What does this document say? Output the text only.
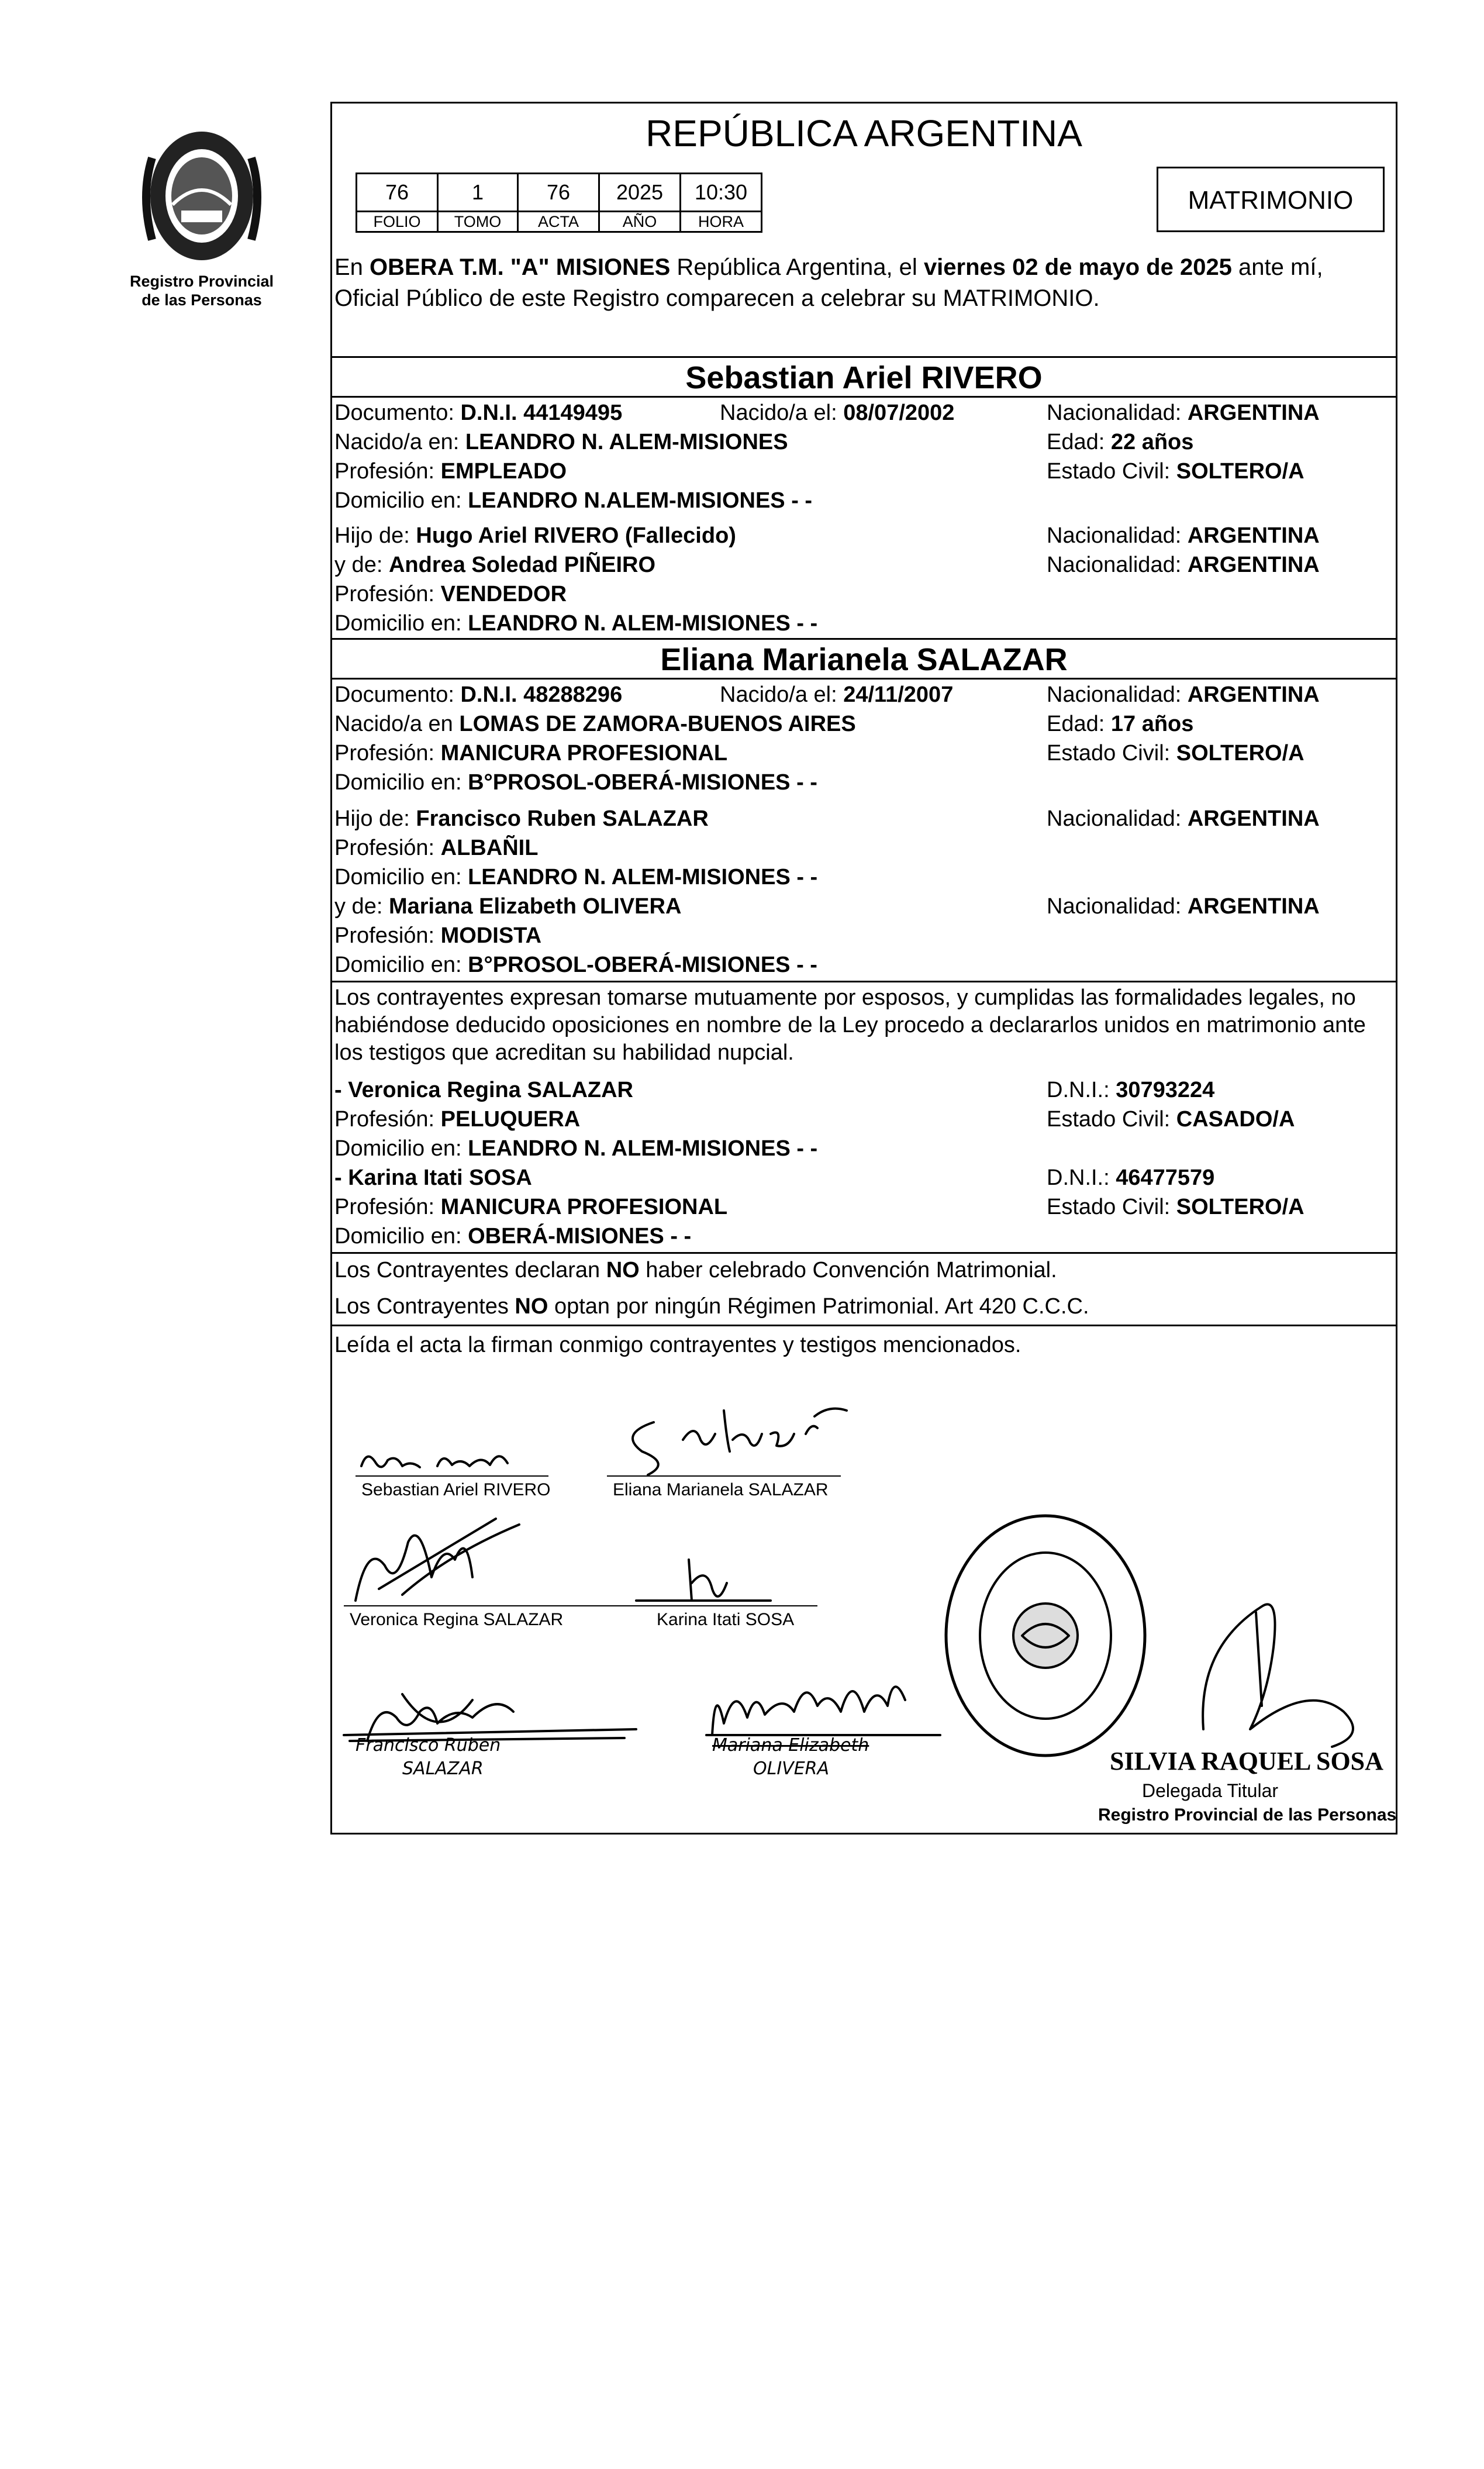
Registro Provincial
de las Personas
REPÚBLICA ARGENTINA
76	1	76	2025	10:30
FOLIO	TOMO	ACTA	AÑO	HORA
MATRIMONIO
En OBERA T.M. "A" MISIONES República Argentina, el viernes 02 de mayo de 2025 ante mí, Oficial Público de este Registro comparecen a celebrar su MATRIMONIO.
Sebastian Ariel RIVERO
Documento: D.N.I. 44149495	Nacido/a el: 08/07/2002	Nacionalidad: ARGENTINA
Nacido/a en: LEANDRO N. ALEM-MISIONES	Edad: 22 años
Profesión: EMPLEADO	Estado Civil: SOLTERO/A
Domicilio en: LEANDRO N.ALEM-MISIONES - -
Hijo de: Hugo Ariel RIVERO (Fallecido)	Nacionalidad: ARGENTINA
y de: Andrea Soledad PIÑEIRO	Nacionalidad: ARGENTINA
Profesión: VENDEDOR
Domicilio en: LEANDRO N. ALEM-MISIONES - -
Eliana Marianela SALAZAR
Documento: D.N.I. 48288296	Nacido/a el: 24/11/2007	Nacionalidad: ARGENTINA
Nacido/a en LOMAS DE ZAMORA-BUENOS AIRES	Edad: 17 años
Profesión: MANICURA PROFESIONAL	Estado Civil: SOLTERO/A
Domicilio en: B°PROSOL-OBERÁ-MISIONES - -
Hijo de: Francisco Ruben SALAZAR	Nacionalidad: ARGENTINA
Profesión: ALBAÑIL
Domicilio en: LEANDRO N. ALEM-MISIONES - -
y de: Mariana Elizabeth OLIVERA	Nacionalidad: ARGENTINA
Profesión: MODISTA
Domicilio en: B°PROSOL-OBERÁ-MISIONES - -
Los contrayentes expresan tomarse mutuamente por esposos, y cumplidas las formalidades legales, no habiéndose deducido oposiciones en nombre de la Ley procedo a declararlos unidos en matrimonio ante los testigos que acreditan su habilidad nupcial.
- Veronica Regina SALAZAR	D.N.I.: 30793224
Profesión: PELUQUERA	Estado Civil: CASADO/A
Domicilio en: LEANDRO N. ALEM-MISIONES - -
- Karina Itati SOSA	D.N.I.: 46477579
Profesión: MANICURA PROFESIONAL	Estado Civil: SOLTERO/A
Domicilio en: OBERÁ-MISIONES - -
Los Contrayentes declaran NO haber celebrado Convención Matrimonial.
Los Contrayentes NO optan por ningún Régimen Patrimonial. Art 420 C.C.C.
Leída el acta la firman conmigo contrayentes y testigos mencionados.
Sebastian Ariel RIVERO	Eliana Marianela SALAZAR
Veronica Regina SALAZAR	Karina Itati SOSA
Francisco Ruben
SALAZAR
Mariana Elizabeth
OLIVERA	SILVIA RAQUEL SOSA
Delegada Titular
Registro Provincial de las Personas
